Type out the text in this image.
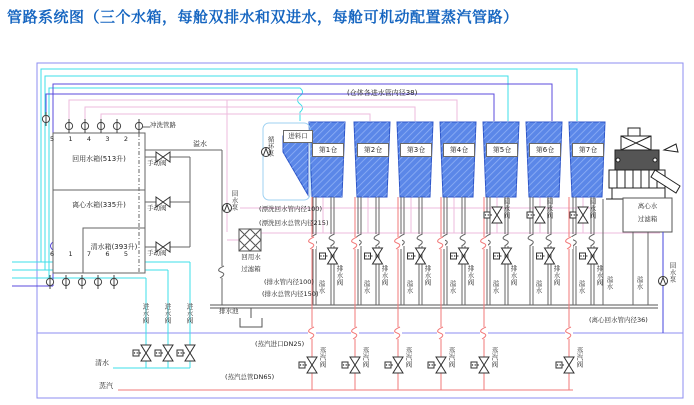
管路系统图（三个水箱，每舱双排水和双进水，每舱可机动配置蒸汽管路）
冲洗管路
5 1 4 3 2
6 1 7 6 5
回用水箱(513升)
离心水箱(335升)
清水箱(393升)
溢水
手动阀
手动阀
手动阀
回水泵
回用水
过滤箱
排水池
进水阀 进水阀 进水阀
清水
蒸汽
(仓体各进水管内径38)
(漂洗回水管内径100)
(漂洗回水总管内径215)
(排水管内径100)
(排水总管内径150)
(离心回水管内径36)
(蒸汽进口DN25)
(蒸汽总管DN65)
进料口
循环泵	第1仓	第2仓	第3仓	第4仓	第5仓	第6仓	第7仓
回水阀	回水阀	回水阀
排水阀	排水阀	排水阀	排水阀	排水阀	排水阀	排水阀
溢水	溢水	溢水	溢水	溢水	溢水	溢水	溢水	溢水
蒸汽阀	蒸汽阀	蒸汽阀	蒸汽阀	蒸汽阀	蒸汽阀
离心水
过滤箱
回水泵
